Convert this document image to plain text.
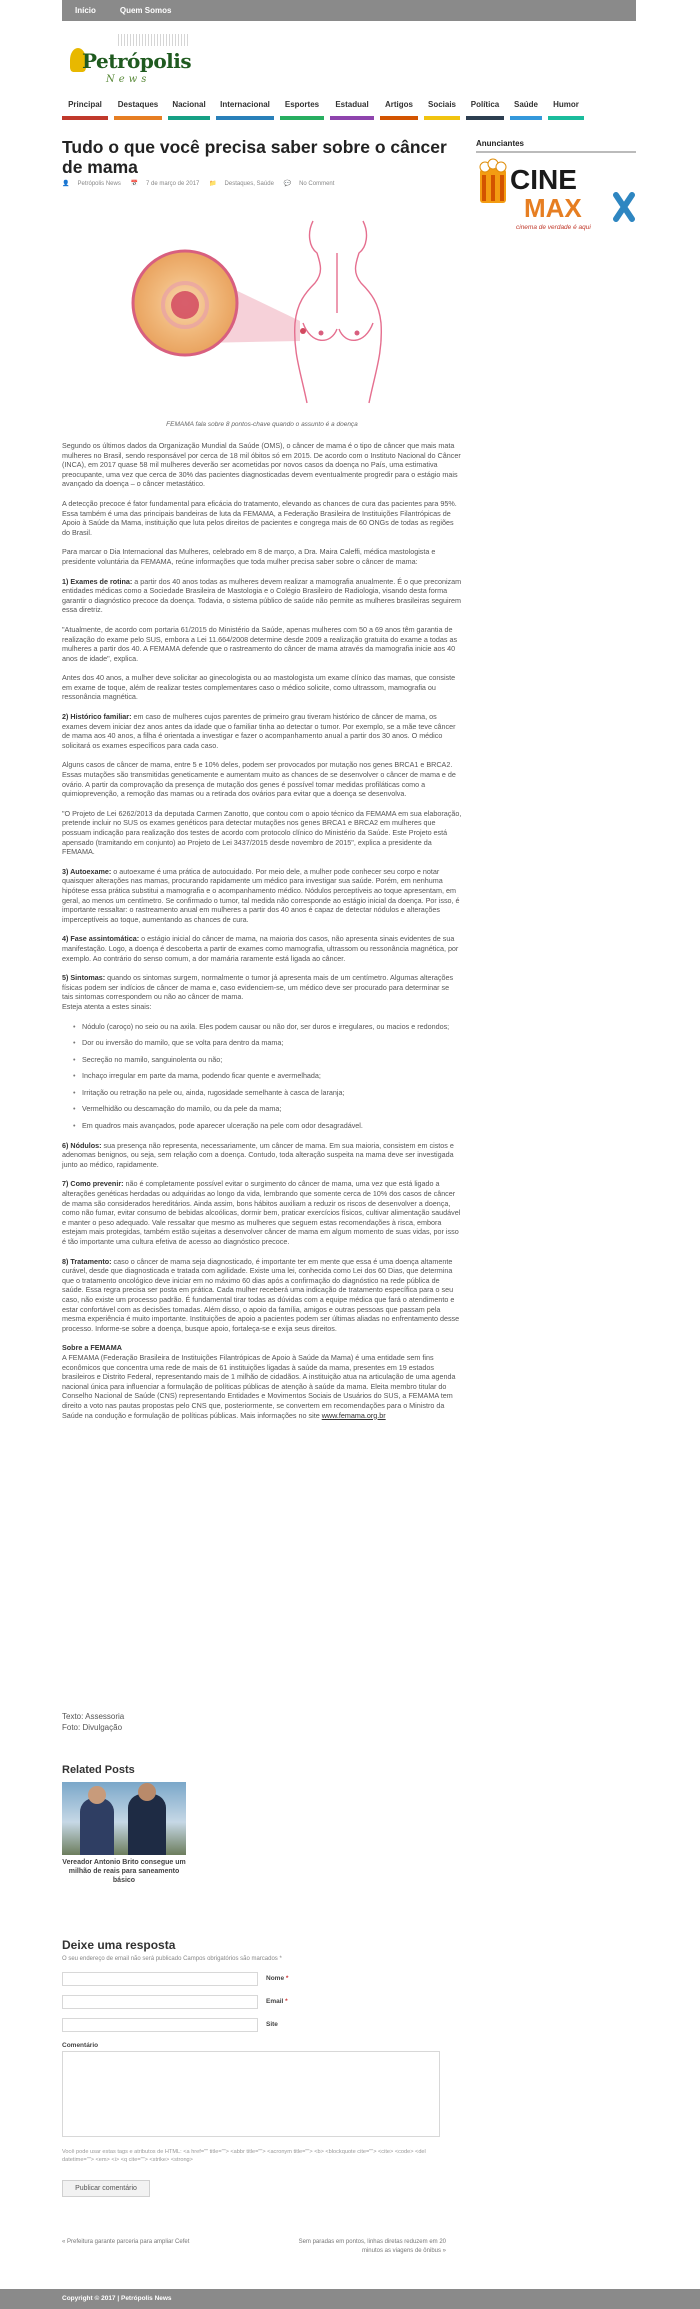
Início	Quem Somos
Petrópolis
News
Principal	Destaques	Nacional	Internacional	Esportes	Estadual	Artigos	Sociais	Política	Saúde	Humor
Tudo o que você precisa saber sobre o câncer de mama
👤 Petrópolis News 📅 7 de março de 2017 📁 Destaques, Saúde 💬 No Comment
FEMAMA fala sobre 8 pontos-chave quando o assunto é a doença

Segundo os últimos dados da Organização Mundial da Saúde (OMS), o câncer de mama é o tipo de câncer que mais mata mulheres no Brasil, sendo responsável por cerca de 18 mil óbitos só em 2015. De acordo com o Instituto Nacional do Câncer (INCA), em 2017 quase 58 mil mulheres deverão ser acometidas por novos casos da doença no País, uma estimativa preocupante, uma vez que cerca de 30% das pacientes diagnosticadas devem eventualmente progredir para o estágio mais avançado da doença – o câncer metastático.

A detecção precoce é fator fundamental para eficácia do tratamento, elevando as chances de cura das pacientes para 95%. Essa também é uma das principais bandeiras de luta da FEMAMA, a Federação Brasileira de Instituições Filantrópicas de Apoio à Saúde da Mama, instituição que luta pelos direitos de pacientes e congrega mais de 60 ONGs de todas as regiões do Brasil.

Para marcar o Dia Internacional das Mulheres, celebrado em 8 de março, a Dra. Maira Caleffi, médica mastologista e presidente voluntária da FEMAMA, reúne informações que toda mulher precisa saber sobre o câncer de mama:

1) Exames de rotina: a partir dos 40 anos todas as mulheres devem realizar a mamografia anualmente. É o que preconizam entidades médicas como a Sociedade Brasileira de Mastologia e o Colégio Brasileiro de Radiologia, visando desta forma garantir o diagnóstico precoce da doença. Todavia, o sistema público de saúde não permite as mulheres brasileiras seguirem essa diretriz.

"Atualmente, de acordo com portaria 61/2015 do Ministério da Saúde, apenas mulheres com 50 a 69 anos têm garantia de realização do exame pelo SUS, embora a Lei 11.664/2008 determine desde 2009 a realização gratuita do exame a todas as mulheres a partir dos 40. A FEMAMA defende que o rastreamento do câncer de mama através da mamografia inicie aos 40 anos de idade", explica.

Antes dos 40 anos, a mulher deve solicitar ao ginecologista ou ao mastologista um exame clínico das mamas, que consiste em exame de toque, além de realizar testes complementares caso o médico solicite, como ultrassom, mamografia ou ressonância magnética.

2) Histórico familiar: em caso de mulheres cujos parentes de primeiro grau tiveram histórico de câncer de mama, os exames devem iniciar dez anos antes da idade que o familiar tinha ao detectar o tumor. Por exemplo, se a mãe teve câncer de mama aos 40 anos, a filha é orientada a investigar e fazer o acompanhamento anual a partir dos 30 anos. O médico solicitará os exames específicos para cada caso.

Alguns casos de câncer de mama, entre 5 e 10% deles, podem ser provocados por mutação nos genes BRCA1 e BRCA2. Essas mutações são transmitidas geneticamente e aumentam muito as chances de se desenvolver o câncer de mama e de ovário. A partir da comprovação da presença de mutação dos genes é possível tomar medidas profiláticas como a quimioprevenção, a remoção das mamas ou a retirada dos ovários para evitar que a doença se desenvolva.

"O Projeto de Lei 6262/2013 da deputada Carmen Zanotto, que contou com o apoio técnico da FEMAMA em sua elaboração, pretende incluir no SUS os exames genéticos para detectar mutações nos genes BRCA1 e BRCA2 em mulheres que possuam indicação para realização dos testes de acordo com protocolo clínico do Ministério da Saúde. Este Projeto está apensado (tramitando em conjunto) ao Projeto de Lei 3437/2015 desde novembro de 2015", explica a presidente da FEMAMA.

3) Autoexame: o autoexame é uma prática de autocuidado. Por meio dele, a mulher pode conhecer seu corpo e notar quaisquer alterações nas mamas, procurando rapidamente um médico para investigar sua saúde. Porém, em nenhuma hipótese essa prática substitui a mamografia e o acompanhamento médico. Nódulos perceptíveis ao toque apresentam, em geral, ao menos um centímetro. Se confirmado o tumor, tal medida não corresponde ao estágio inicial da doença. Por isso, é importante ressaltar: o rastreamento anual em mulheres a partir dos 40 anos é capaz de detectar nódulos e alterações imperceptíveis ao toque, aumentando as chances de cura.

4) Fase assintomática: o estágio inicial do câncer de mama, na maioria dos casos, não apresenta sinais evidentes de sua manifestação. Logo, a doença é descoberta a partir de exames como mamografia, ultrassom ou ressonância magnética, por exemplo. Ao contrário do senso comum, a dor mamária raramente está ligada ao câncer.

5) Sintomas: quando os sintomas surgem, normalmente o tumor já apresenta mais de um centímetro. Algumas alterações físicas podem ser indícios de câncer de mama e, caso evidenciem-se, um médico deve ser procurado para determinar se tais sintomas correspondem ou não ao câncer de mama.

Esteja atenta a estes sinais:

• Nódulo (caroço) no seio ou na axila. Eles podem causar ou não dor, ser duros e irregulares, ou macios e redondos;
• Dor ou inversão do mamilo, que se volta para dentro da mama;
• Secreção no mamilo, sanguinolenta ou não;
• Inchaço irregular em parte da mama, podendo ficar quente e avermelhada;
• Irritação ou retração na pele ou, ainda, rugosidade semelhante à casca de laranja;
• Vermelhidão ou descamação do mamilo, ou da pele da mama;
• Em quadros mais avançados, pode aparecer ulceração na pele com odor desagradável.

6) Nódulos: sua presença não representa, necessariamente, um câncer de mama. Em sua maioria, consistem em cistos e adenomas benignos, ou seja, sem relação com a doença. Contudo, toda alteração suspeita na mama deve ser investigada junto ao médico, rapidamente.

7) Como prevenir: não é completamente possível evitar o surgimento do câncer de mama, uma vez que está ligado a alterações genéticas herdadas ou adquiridas ao longo da vida, lembrando que somente cerca de 10% dos casos de câncer de mama são considerados hereditários. Ainda assim, bons hábitos auxiliam a reduzir os riscos de desenvolver a doença, como não fumar, evitar consumo de bebidas alcoólicas, dormir bem, praticar exercícios físicos, cultivar alimentação saudável e manter o peso adequado. Vale ressaltar que mesmo as mulheres que seguem estas recomendações à risca, embora estejam mais protegidas, também estão sujeitas a desenvolver câncer de mama em algum momento de suas vidas, por isso é tão importante uma cultura efetiva de acesso ao diagnóstico precoce.

8) Tratamento: caso o câncer de mama seja diagnosticado, é importante ter em mente que essa é uma doença altamente curável, desde que diagnosticada e tratada com agilidade. Existe uma lei, conhecida como Lei dos 60 Dias, que determina que o tratamento oncológico deve iniciar em no máximo 60 dias após a confirmação do diagnóstico na rede pública de saúde. Essa regra precisa ser posta em prática. Cada mulher receberá uma indicação de tratamento específica para o seu caso, não existe um processo padrão. É fundamental tirar todas as dúvidas com a equipe médica que fará o atendimento e estar confortável com as decisões tomadas. Além disso, o apoio da família, amigos e outras pessoas que passam pela mesma experiência é muito importante. Instituições de apoio a pacientes podem ser últimas aliadas no enfrentamento desse processo. Informe-se sobre a doença, busque apoio, fortaleça-se e exija seus direitos.

Sobre a FEMAMA

A FEMAMA (Federação Brasileira de Instituições Filantrópicas de Apoio à Saúde da Mama) é uma entidade sem fins econômicos que concentra uma rede de mais de 61 instituições ligadas à saúde da mama, presentes em 19 estados brasileiros e Distrito Federal, representando mais de 1 milhão de cidadãos. A instituição atua na articulação de uma agenda nacional única para influenciar a formulação de políticas públicas de atenção à saúde da mama. Eleita membro titular do Conselho Nacional de Saúde (CNS) representando Entidades e Movimentos Sociais de Usuários do SUS, a FEMAMA tem direito a voto nas pautas propostas pelo CNS que, posteriormente, se convertem em recomendações para o Ministro da Saúde na condução e formulação de políticas públicas. Mais informações no site www.femama.org.br

Texto: Assessoria
Foto: Divulgação
Related Posts
Vereador Antonio Brito consegue um milhão de reais para saneamento básico
Deixe uma resposta
O seu endereço de email não será publicado Campos obrigatórios são marcados *
Nome *
Email *
Site
Comentário
Você pode usar estas tags e atributos de HTML: <a href="" title=""> <abbr title=""> <acronym title=""> <b> <blockquote cite=""> <cite> <code> <del datetime=""> <em> <i> <q cite=""> <strike> <strong>
Publicar comentário
« Prefeitura garante parceria para ampliar Cefet	Sem paradas em pontos, linhas diretas reduzem em 20 minutos as viagens de ônibus »
Anunciantes
CINE
MAX
cinema de verdade é aqui
Copyright © 2017 | Petrópolis News
